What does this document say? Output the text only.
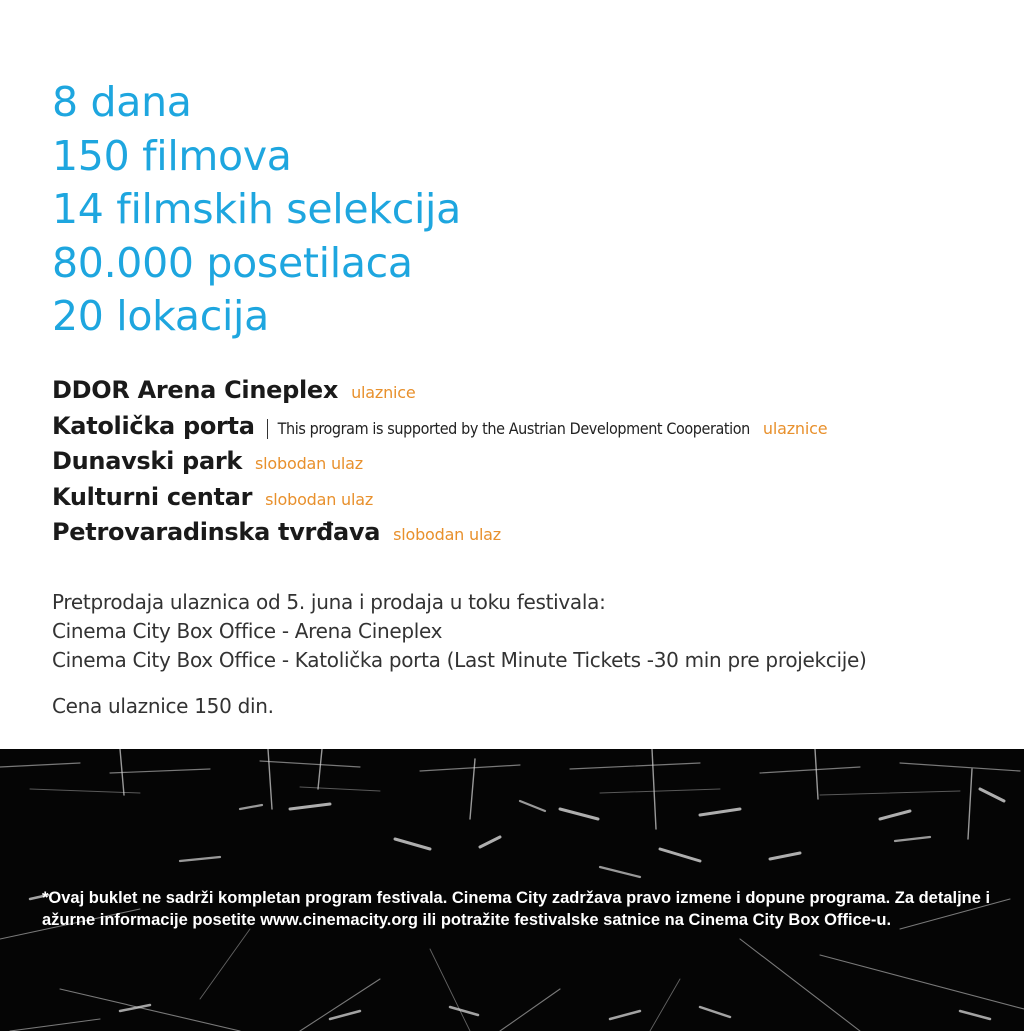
8 dana
150 filmova
14 filmskih selekcija
80.000 posetilaca
20 lokacija
DDOR Arena Cineplex ulaznice
Katolička porta This program is supported by the Austrian Development Cooperation ulaznice
Dunavski park slobodan ulaz
Kulturni centar slobodan ulaz
Petrovaradinska tvrđava slobodan ulaz
Pretprodaja ulaznica od 5. juna i prodaja u toku festivala:
Cinema City Box Office - Arena Cineplex
Cinema City Box Office - Katolička porta (Last Minute Tickets -30 min pre projekcije)
Cena ulaznice 150 din.
*Ovaj buklet ne sadrži kompletan program festivala. Cinema City zadržava pravo izmene i dopune programa. Za detaljne i ažurne informacije posetite www.cinemacity.org ili potražite festivalske satnice na Cinema City Box Office-u.
